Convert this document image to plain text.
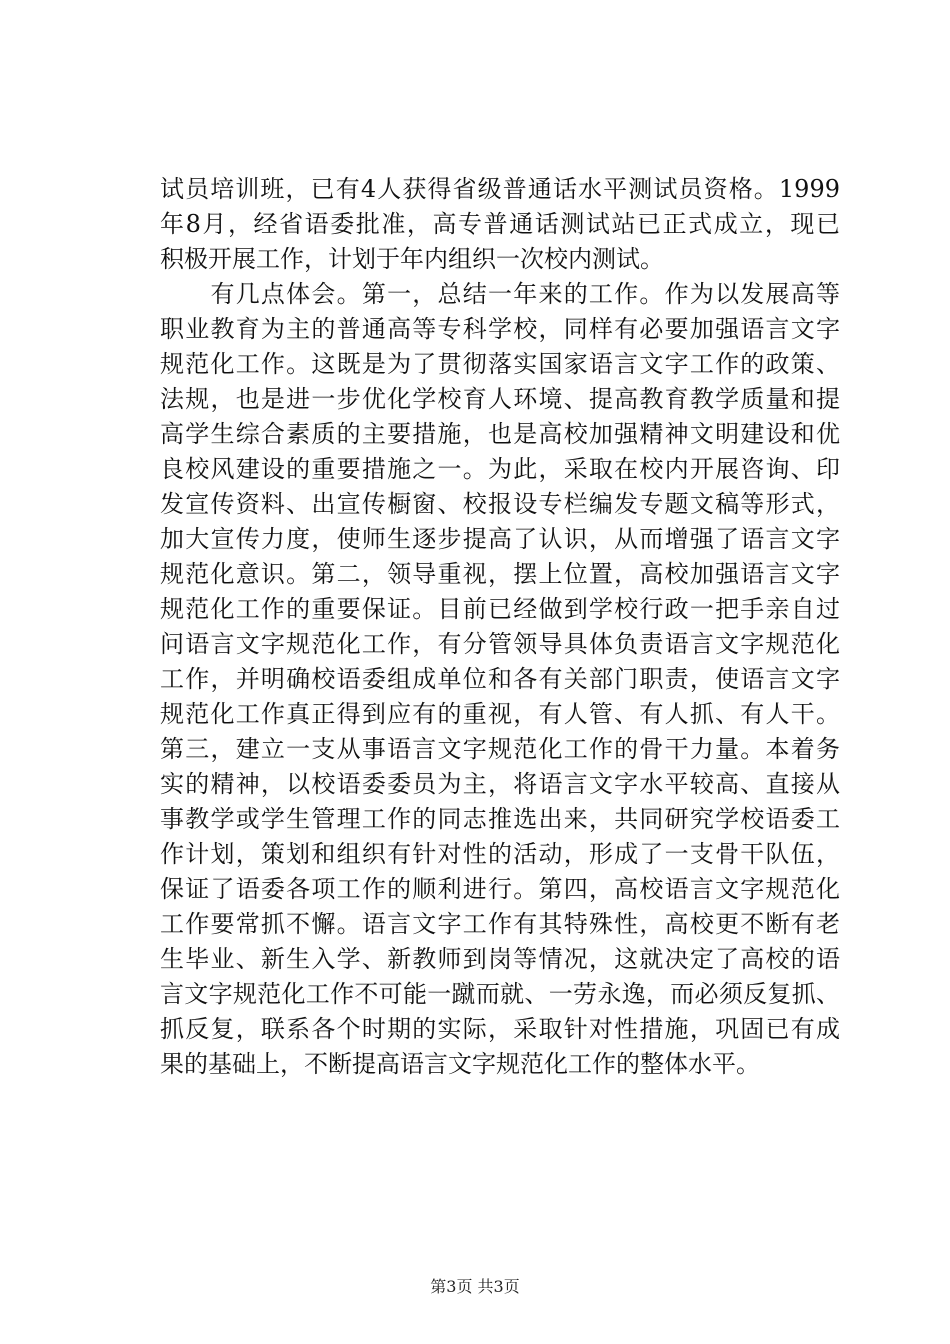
试员培训班，已有4人获得省级普通话水平测试员资格。1999
年8月，经省语委批准，高专普通话测试站已正式成立，现已
积极开展工作，计划于年内组织一次校内测试。
　　有几点体会。第一，总结一年来的工作。作为以发展高等
职业教育为主的普通高等专科学校，同样有必要加强语言文字
规范化工作。这既是为了贯彻落实国家语言文字工作的政策、
法规，也是进一步优化学校育人环境、提高教育教学质量和提
高学生综合素质的主要措施，也是高校加强精神文明建设和优
良校风建设的重要措施之一。为此，采取在校内开展咨询、印
发宣传资料、出宣传橱窗、校报设专栏编发专题文稿等形式，
加大宣传力度，使师生逐步提高了认识，从而增强了语言文字
规范化意识。第二，领导重视，摆上位置，高校加强语言文字
规范化工作的重要保证。目前已经做到学校行政一把手亲自过
问语言文字规范化工作，有分管领导具体负责语言文字规范化
工作，并明确校语委组成单位和各有关部门职责，使语言文字
规范化工作真正得到应有的重视，有人管、有人抓、有人干。
第三，建立一支从事语言文字规范化工作的骨干力量。本着务
实的精神，以校语委委员为主，将语言文字水平较高、直接从
事教学或学生管理工作的同志推选出来，共同研究学校语委工
作计划，策划和组织有针对性的活动，形成了一支骨干队伍，
保证了语委各项工作的顺利进行。第四，高校语言文字规范化
工作要常抓不懈。语言文字工作有其特殊性，高校更不断有老
生毕业、新生入学、新教师到岗等情况，这就决定了高校的语
言文字规范化工作不可能一蹴而就、一劳永逸，而必须反复抓、
抓反复，联系各个时期的实际，采取针对性措施，巩固已有成
果的基础上，不断提高语言文字规范化工作的整体水平。
第3页 共3页
